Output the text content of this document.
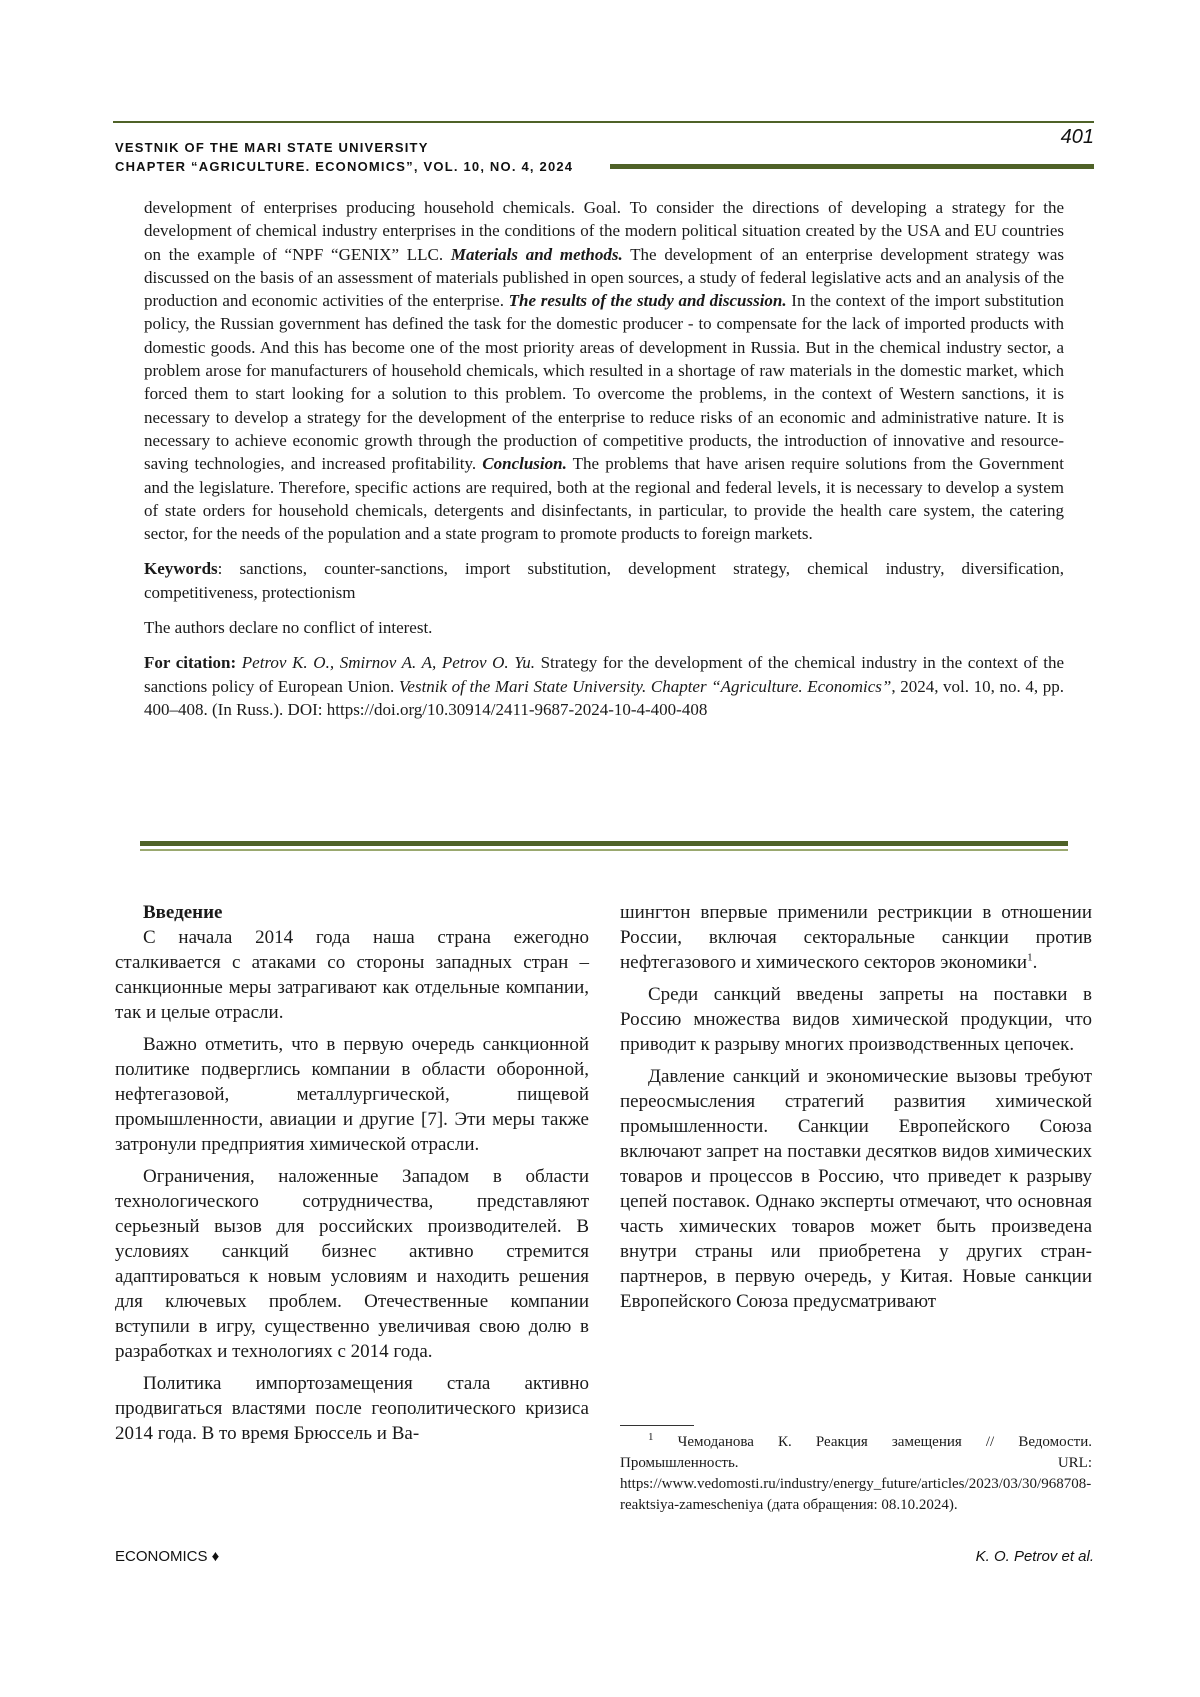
VESTNIK OF THE MARI STATE UNIVERSITY
CHAPTER “AGRICULTURE. ECONOMICS”, VOL. 10, NO. 4, 2024
401

development of enterprises producing household chemicals. Goal. To consider the directions of developing a strategy for the development of chemical industry enterprises in the conditions of the modern political situation created by the USA and EU countries on the example of “NPF “GENIX” LLC. Materials and methods. The development of an enterprise development strategy was discussed on the basis of an assessment of materials published in open sources, a study of federal legislative acts and an analysis of the production and economic activities of the enterprise. The results of the study and discussion. In the context of the import substitution policy, the Russian government has defined the task for the domestic producer - to compensate for the lack of imported products with domestic goods. And this has become one of the most priority areas of development in Russia. But in the chemical industry sector, a problem arose for manufacturers of household chemicals, which resulted in a shortage of raw materials in the domestic market, which forced them to start looking for a solution to this problem. To overcome the problems, in the context of Western sanctions, it is necessary to develop a strategy for the development of the enterprise to reduce risks of an economic and administrative nature. It is necessary to achieve economic growth through the production of competitive products, the introduction of innovative and resource-saving technologies, and increased profitability. Conclusion. The problems that have arisen require solutions from the Government and the legislature. Therefore, specific actions are required, both at the regional and federal levels, it is necessary to develop a system of state orders for household chemicals, detergents and disinfectants, in particular, to provide the health care system, the catering sector, for the needs of the population and a state program to promote products to foreign markets.

Keywords: sanctions, counter-sanctions, import substitution, development strategy, chemical industry, diversification, competitiveness, protectionism

The authors declare no conflict of interest.

For citation: Petrov K. O., Smirnov A. A, Petrov O. Yu. Strategy for the development of the chemical industry in the context of the sanctions policy of European Union. Vestnik of the Mari State University. Chapter “Agriculture. Economics”, 2024, vol. 10, no. 4, pp. 400–408. (In Russ.). DOI: https://doi.org/10.30914/2411-9687-2024-10-4-400-408

Введение

С начала 2014 года наша страна ежегодно сталкивается с атаками со стороны западных стран – санкционные меры затрагивают как отдельные компании, так и целые отрасли.

Важно отметить, что в первую очередь санкционной политике подверглись компании в области оборонной, нефтегазовой, металлургической, пищевой промышленности, авиации и другие [7]. Эти меры также затронули предприятия химической отрасли.

Ограничения, наложенные Западом в области технологического сотрудничества, представляют серьезный вызов для российских производителей. В условиях санкций бизнес активно стремится адаптироваться к новым условиям и находить решения для ключевых проблем. Отечественные компании вступили в игру, существенно увеличивая свою долю в разработках и технологиях с 2014 года.

Политика импортозамещения стала активно продвигаться властями после геополитического кризиса 2014 года. В то время Брюссель и Ва-

шингтон впервые применили рестрикции в отношении России, включая секторальные санкции против нефтегазового и химического секторов экономики$^1$.

Среди санкций введены запреты на поставки в Россию множества видов химической продукции, что приводит к разрыву многих производственных цепочек.

Давление санкций и экономические вызовы требуют переосмысления стратегий развития химической промышленности. Санкции Европейского Союза включают запрет на поставки десятков видов химических товаров и процессов в Россию, что приведет к разрыву цепей поставок. Однако эксперты отмечают, что основная часть химических товаров может быть произведена внутри страны или приобретена у других стран-партнеров, в первую очередь, у Китая. Новые санкции Европейского Союза предусматривают

$^1$ Чемоданова К. Реакция замещения // Ведомости. Промышленность. URL: https://www.vedomosti.ru/industry/energy_future/articles/2023/03/30/968708-reaktsiya-zamescheniya (дата обращения: 08.10.2024).
ECONOMICS ♦	K. O. Petrov et al.
